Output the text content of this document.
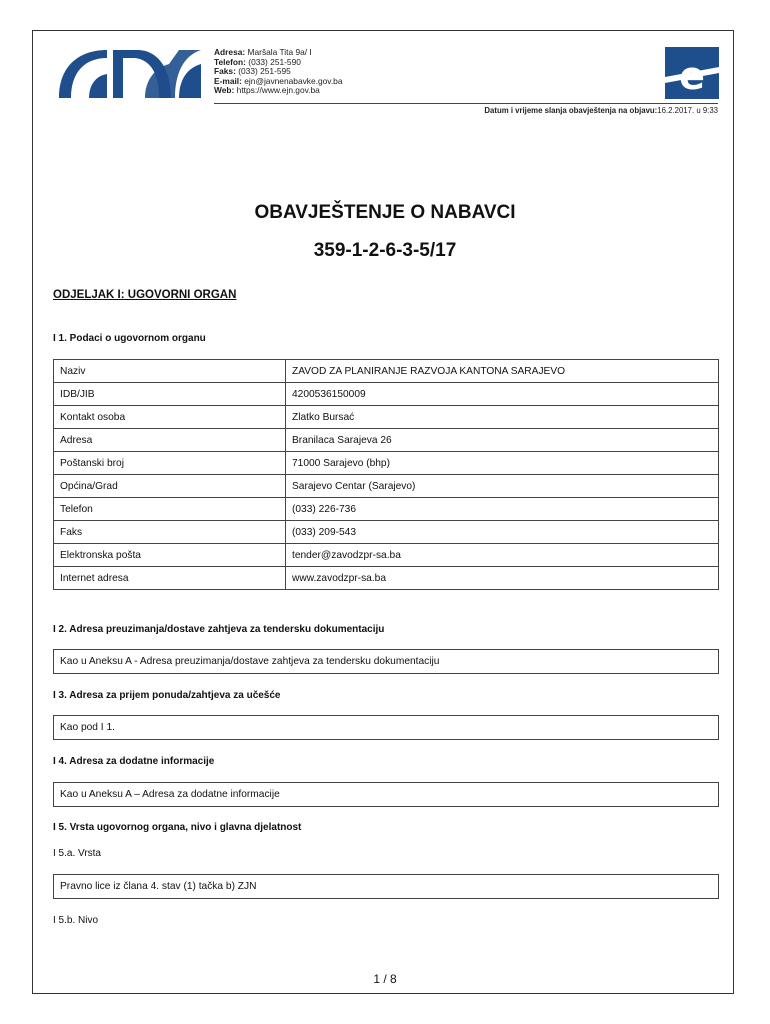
ejn
Adresa: Maršala Tita 9a/ I
Telefon: (033) 251-590
Faks: (033) 251-595
E-mail: ejn@javnenabavke.gov.ba
Web: https://www.ejn.gov.ba	e
Datum i vrijeme slanja obavještenja na objavu:16.2.2017. u 9:33
OBAVJEŠTENJE O NABAVCI
359-1-2-6-3-5/17
ODJELJAK I: UGOVORNI ORGAN
I 1. Podaci o ugovornom organu
Naziv	ZAVOD ZA PLANIRANJE RAZVOJA KANTONA SARAJEVO
IDB/JIB	4200536150009
Kontakt osoba	Zlatko Bursać
Adresa	Branilaca Sarajeva 26
Poštanski broj	71000 Sarajevo (bhp)
Općina/Grad	Sarajevo Centar (Sarajevo)
Telefon	(033) 226-736
Faks	(033) 209-543
Elektronska pošta	tender@zavodzpr-sa.ba
Internet adresa	www.zavodzpr-sa.ba
I 2. Adresa preuzimanja/dostave zahtjeva za tendersku dokumentaciju
Kao u Aneksu A - Adresa preuzimanja/dostave zahtjeva za tendersku dokumentaciju
I 3. Adresa za prijem ponuda/zahtjeva za učešće
Kao pod I 1.
I 4. Adresa za dodatne informacije
Kao u Aneksu A – Adresa za dodatne informacije
I 5. Vrsta ugovornog organa, nivo i glavna djelatnost
I 5.a. Vrsta
Pravno lice iz člana 4. stav (1) tačka b) ZJN
I 5.b. Nivo
1 / 8
